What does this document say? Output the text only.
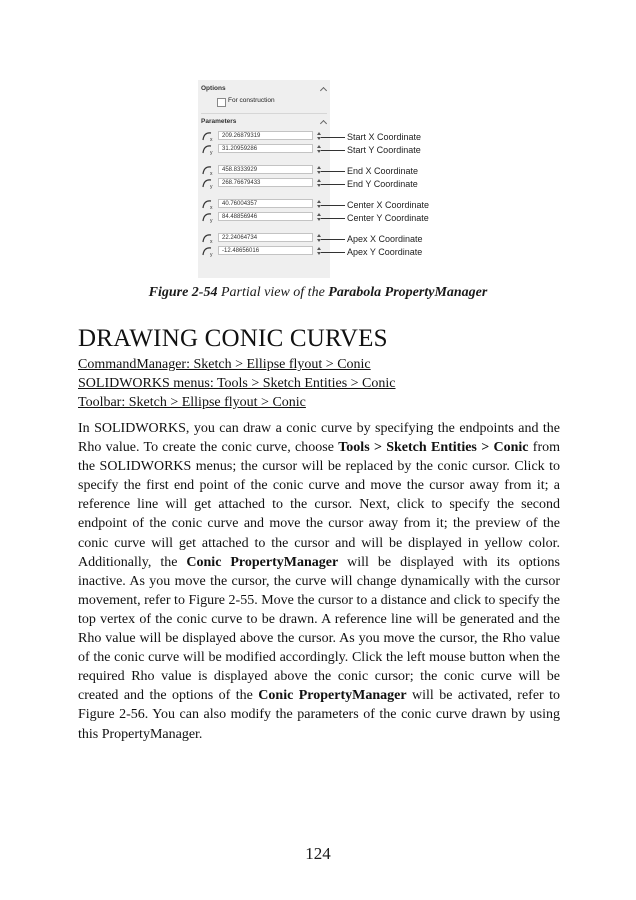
Options
For construction
Parameters
x
209.26879319
y
31.20959286
x
458.8333929
y
268.76679433
x
40.76004357
y
84.48856946
x
22.24064734
y
-12.48656016
Start X Coordinate
Start Y Coordinate
End X Coordinate
End Y Coordinate
Center X Coordinate
Center Y Coordinate
Apex X Coordinate
Apex Y Coordinate
Figure 2-54 Partial view of the Parabola PropertyManager
DRAWING CONIC CURVES
CommandManager: Sketch > Ellipse flyout > Conic
SOLIDWORKS menus: Tools > Sketch Entities > Conic
Toolbar: Sketch > Ellipse flyout > Conic
In SOLIDWORKS, you can draw a conic curve by specifying the endpoints and the Rho value. To create the conic curve, choose Tools > Sketch Entities > Conic from the SOLIDWORKS menus; the cursor will be replaced by the conic cursor. Click to specify the first end point of the conic curve and move the cursor away from it; a reference line will get attached to the cursor. Next, click to specify the second endpoint of the conic curve and move the cursor away from it; the preview of the conic curve will get attached to the cursor and will be displayed in yellow color. Additionally, the Conic PropertyManager will be displayed with its options inactive. As you move the cursor, the curve will change dynamically with the cursor movement, refer to Figure 2-55. Move the cursor to a distance and click to specify the top vertex of the conic curve to be drawn. A reference line will be generated and the Rho value will be displayed above the cursor. As you move the cursor, the Rho value of the conic curve will be modified accordingly. Click the left mouse button when the required Rho value is displayed above the conic cursor; the conic curve will be created and the options of the Conic PropertyManager will be activated, refer to Figure 2-56. You can also modify the parameters of the conic curve drawn by using this PropertyManager.
124
